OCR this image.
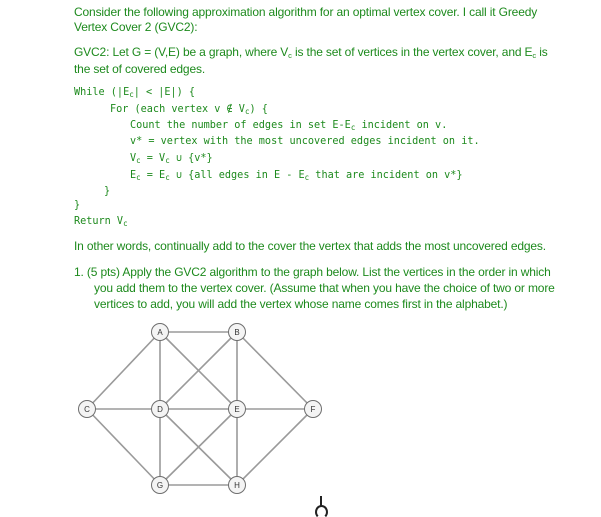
Consider the following approximation algorithm for an optimal vertex cover. I call it Greedy
Vertex Cover 2 (GVC2):
GVC2: Let G = (V,E) be a graph, where $V_c$ is the set of vertices in the vertex cover, and $E_c$ is
the set of covered edges.
While $(|E_c| < |E|)$ {
For (each vertex v ∉ $V_c$) {
Count the number of edges in set $E-E_c$ incident on v.
v* = vertex with the most uncovered edges incident on it.
$V_c = V_c$ ∪ {v*}
$E_c = E_c$ ∪ {all edges in E - $E_c$ that are incident on v*}
}
}
Return $V_c$
In other words, continually add to the cover the vertex that adds the most uncovered edges.
1. (5 pts) Apply the GVC2 algorithm to the graph below. List the vertices in the order in which
you add them to the vertex cover. (Assume that when you have the choice of two or more
vertices to add, you will add the vertex whose name comes first in the alphabet.)
A	B
C	D	E	F
G	H
